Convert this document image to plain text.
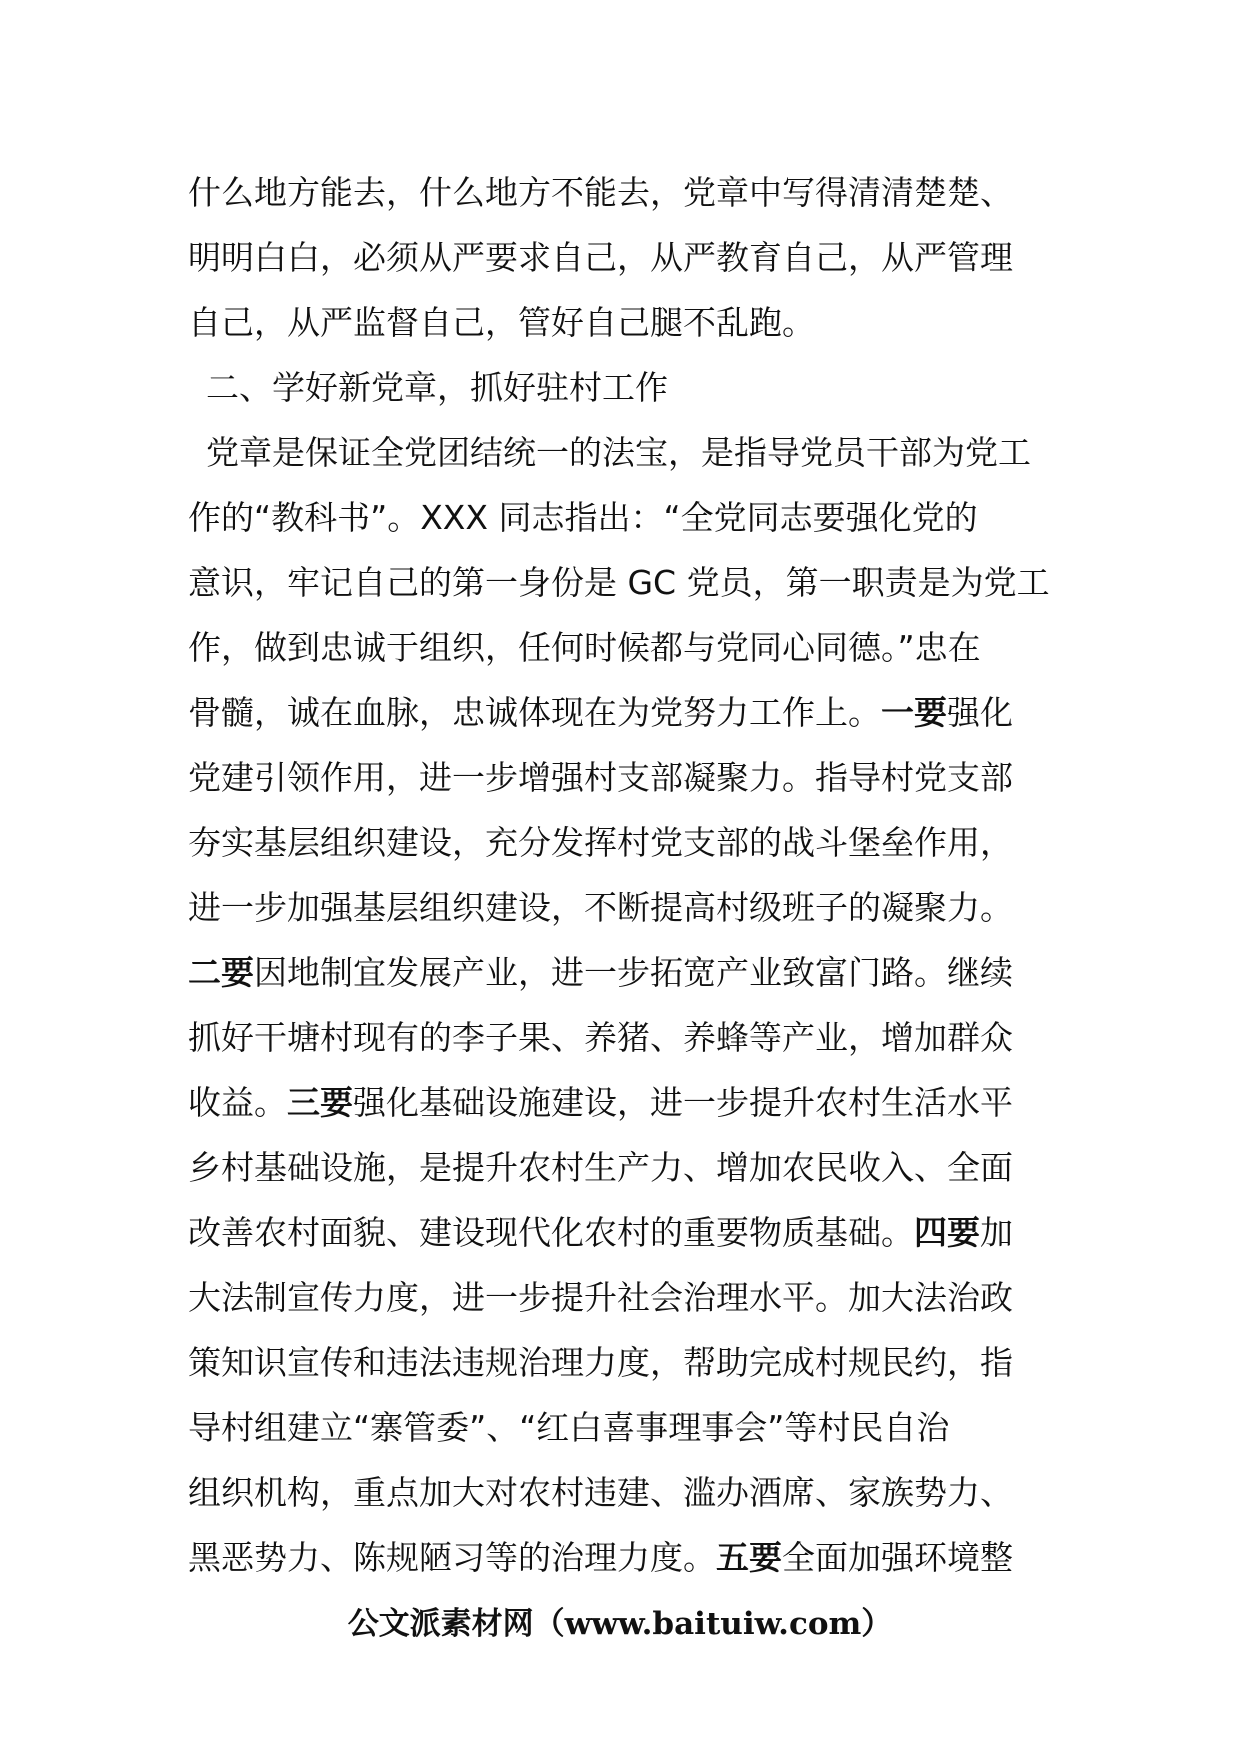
什么地方能去，什么地方不能去，党章中写得清清楚楚、
明明白白，必须从严要求自己，从严教育自己，从严管理
自己，从严监督自己，管好自己腿不乱跑。
二、学好新党章，抓好驻村工作
党章是保证全党团结统一的法宝，是指导党员干部为党工
作的“教科书”。XXX 同志指出：“全党同志要强化党的
意识，牢记自己的第一身份是 GC 党员，第一职责是为党工
作，做到忠诚于组织，任何时候都与党同心同德。”忠在
骨髓，诚在血脉，忠诚体现在为党努力工作上。一要强化
党建引领作用，进一步增强村支部凝聚力。指导村党支部
夯实基层组织建设，充分发挥村党支部的战斗堡垒作用，
进一步加强基层组织建设，不断提高村级班子的凝聚力。
二要因地制宜发展产业，进一步拓宽产业致富门路。继续
抓好干塘村现有的李子果、养猪、养蜂等产业，增加群众
收益。三要强化基础设施建设，进一步提升农村生活水平
乡村基础设施，是提升农村生产力、增加农民收入、全面
改善农村面貌、建设现代化农村的重要物质基础。四要加
大法制宣传力度，进一步提升社会治理水平。加大法治政
策知识宣传和违法违规治理力度，帮助完成村规民约，指
导村组建立“寨管委”、“红白喜事理事会”等村民自治
组织机构，重点加大对农村违建、滥办酒席、家族势力、
黑恶势力、陈规陋习等的治理力度。五要全面加强环境整
公文派素材网（www.baituiw.com）
